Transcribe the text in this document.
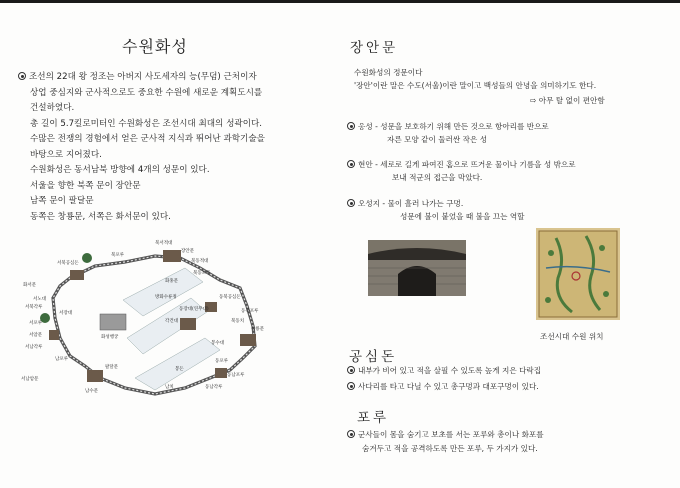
수원화성
조선의 22대 왕 정조는 아버지 사도세자의 능(무덤) 근처이자
상업 중심지와 군사적으로도 중요한 수원에 새로운 계획도시를
건설하였다.
총 길이 5.7킬로미터인 수원화성은 조선시대 최대의 성곽이다.
수많은 전쟁의 경험에서 얻은 군사적 지식과 뛰어난 과학기술을
바탕으로 지어졌다.
수원화성은 동서남북 방향에 4개의 성문이 있다.
서울을 향한 북쪽 문이 장안문
남쪽 문이 팔달문
동쪽은 창룡문, 서쪽은 화서문이 있다.
북서적대
장안문
북동적대
북동포루
북포루
화홍문
방화수류정	동북공심돈
서북공심돈
북동치
화서문
서북각루
서포루
서남각루
서암문
서장대
서노대
동장대(연무대)
봉수대
창룡문
팔달문
남포루
동남각루
남치
서남암문
화성행궁
봉돈
각건대
동북포루
동포루
동남포루
남수문
장안문
수원화성의 정문이다
'장안'이란 말은 수도(서울)이란 말이고 백성들의 안녕을 의미하기도 한다.
⇨ 아무 탈 없이 편안함
옹성 - 성문을 보호하기 위해 만든 것으로 항아리를 반으로
자른 모양 같이 둘러싼 작은 성
현안 - 세로로 길게 파여진 홈으로 뜨거운 물이나 기름을 성 밖으로
보내 적군의 접근을 막았다.
오성지 - 물이 흘러 나가는 구멍.
성문에 불이 붙었을 때 불을 끄는 역할
조선시대 수원 위치
공심돈
내부가 비어 있고 적을 살필 수 있도록 높게 지은 다락집
사다리를 타고 다닐 수 있고 총구멍과 대포구멍이 있다.
포루
군사들이 몸을 숨기고 보초를 서는 포루와 총이나 화포를
숨겨두고 적을 공격하도록 만든 포루, 두 가지가 있다.
